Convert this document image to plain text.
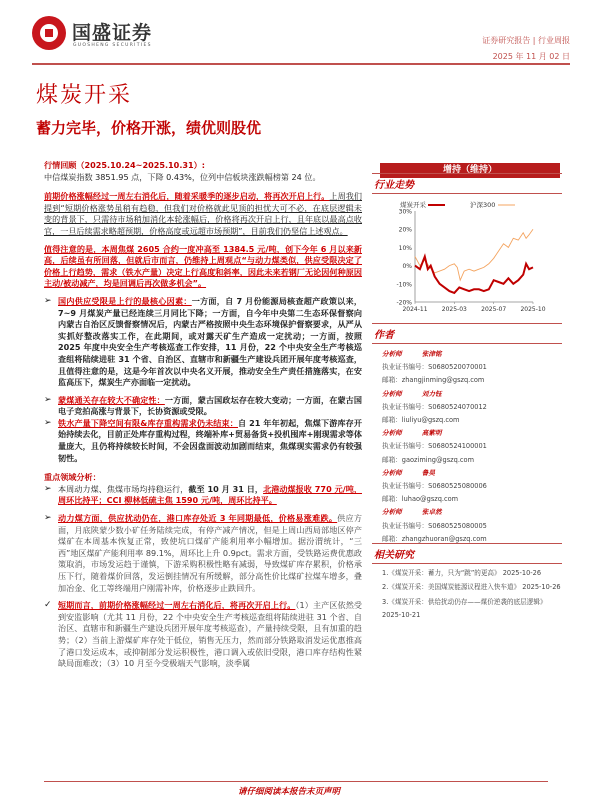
国盛证券
GUOSHENG SECURITIES
证券研究报告 | 行业周报
2025 年 11 月 02 日
煤炭开采
蓄力完毕，价格开涨，绩优则股优
增持（维持）

行情回顾（2025.10.24~2025.10.31）:
中信煤炭指数 3851.95 点，下降 0.43%，位列中信板块涨跌幅榜第 24 位。

前期价格涨幅经过一周左右消化后，随着采暖季的逐步启动，将再次开启上行。上周我们提到“短期价格涨势虽稍有趋稳，但我们对价格就此见顶的担忧大可不必，在底层逻辑未变的背景下，只需待市场稍加消化本轮涨幅后，价格将再次开启上行，且年底以最高点收官，一旦后续需求略超预期，价格高度或远超市场预期”，目前我们仍坚信上述观点。

值得注意的是，本周焦煤 2605 合约一度冲高至 1384.5 元/吨，创下今年 6 月以来新高，后续虽有所回落，但就后市而言，仍维持上周观点“与动力煤类似，供应受限决定了价格上行趋势，需求（铁水产量）决定上行高度和斜率，因此未来若钢厂无论因何种原因主动/被动减产，均是回调后再次做多机会”。

➢ 国内供应受限是上行的最核心因素：一方面，自 7 月份能源局核查超产政策以来，7~9 月煤炭产量已经连续三月同比下降；一方面，自今年中央第二生态环保督察向内蒙古自治区反馈督察情况后，内蒙古严格按照中央生态环境保护督察要求，从严从实抓好整改落实工作，在此期间，或对露天矿生产造成一定扰动；一方面，按照 2025 年度中央安全生产考核巡查工作安排，11 月份，22 个中央安全生产考核巡查组将陆续进驻 31 个省、自治区、直辖市和新疆生产建设兵团开展年度考核巡查，且值得注意的是，这是今年首次以中央名义开展，推动安全生产责任措施落实，在安监高压下，煤炭生产亦面临一定扰动。

➢ 蒙煤通关存在较大不确定性：一方面，蒙古国政坛存在较大变动；一方面，在蒙古国电子竞拍高涨与背景下，长协资源或受限。

➢ 铁水产量下降空间有限&库存重构需求仍未结束：自 21 年年初起，焦煤下游库存开始持续去化，目前正处库存重构过程，终端补库+贸易备货+投机囤库+刚现需求等体量庞大，且仍将持续较长时间，不会因盘面波动加剧而结束，焦煤现实需求仍有较强韧性。

重点领域分析：

➢ 本周动力煤、焦煤市场均持稳运行，截至 10 月 31 日，北港动煤报收 770 元/吨，周环比持平；CCI 柳林低硫主焦 1590 元/吨，周环比持平。

➢ 动力煤方面，供应扰动仍在，港口库存处近 3 年同期最低，价格易涨难跌。供应方面，月底陕蒙少数小矿任务陆续完成，有停产减产情况，但是上周山西局部地区停产煤矿在本周基本恢复正常，致使坑口煤矿产能利用率小幅增加。据汾渭统计，“三西”地区煤矿产能利用率 89.1%，周环比上升 0.9pct。需求方面，受铁路运费优惠政策取消，市场发运趋于谨慎，下游采购积极性略有减弱，导致煤矿库存累积，价格承压下行，随着煤价回落，发运倒挂情况有所缓解，部分高性价比煤矿拉煤车增多，叠加冶金、化工等终端用户刚需补库，价格逐步止跌回升。

✓ 短期而言，前期价格涨幅经过一周左右消化后，将再次开启上行。（1）主产区依然受到安监影响（尤其 11 月份，22 个中央安全生产考核巡查组将陆续进驻 31 个省、自治区、直辖市和新疆生产建设兵团开展年度考核巡查），产量持续受限，且有加重的趋势；（2）当前上游煤矿库存处于低位，销售无压力，然而部分铁路取消发运优惠推高了港口发运成本，或抑制部分发运积极性，港口调入或依旧受限，港口库存结构性紧缺局面难改；（3）10 月至今受极端天气影响，淡季属

行业走势
30%
20%
10%
0%
-10%
-20%
2024-11 2025-03 2025-07 2025-10
煤炭开采	沪深300
作者
分析师	张津铭
执业证书编号：S0680520070001
邮箱：zhangjinming@gszq.com
分析师	刘力钰
执业证书编号：S0680524070012
邮箱：liuliyu@gszq.com
分析师	高紫明
执业证书编号：S0680524100001
邮箱：gaoziming@gszq.com
分析师	鲁昊
执业证书编号：S0680525080006
邮箱：luhao@gszq.com
分析师	张卓然
执业证书编号：S0680525080005
邮箱：zhangzhuoran@gszq.com
相关研究
1.《煤炭开采：蓄力，只为“跳”的更高》 2025-10-26
2.《煤炭开采：美国煤炭能源议程进入快车道》 2025-10-26
3.《煤炭开采：供给扰动仍存——煤价逆袭的底层逻辑》 2025-10-21
请仔细阅读本报告末页声明
